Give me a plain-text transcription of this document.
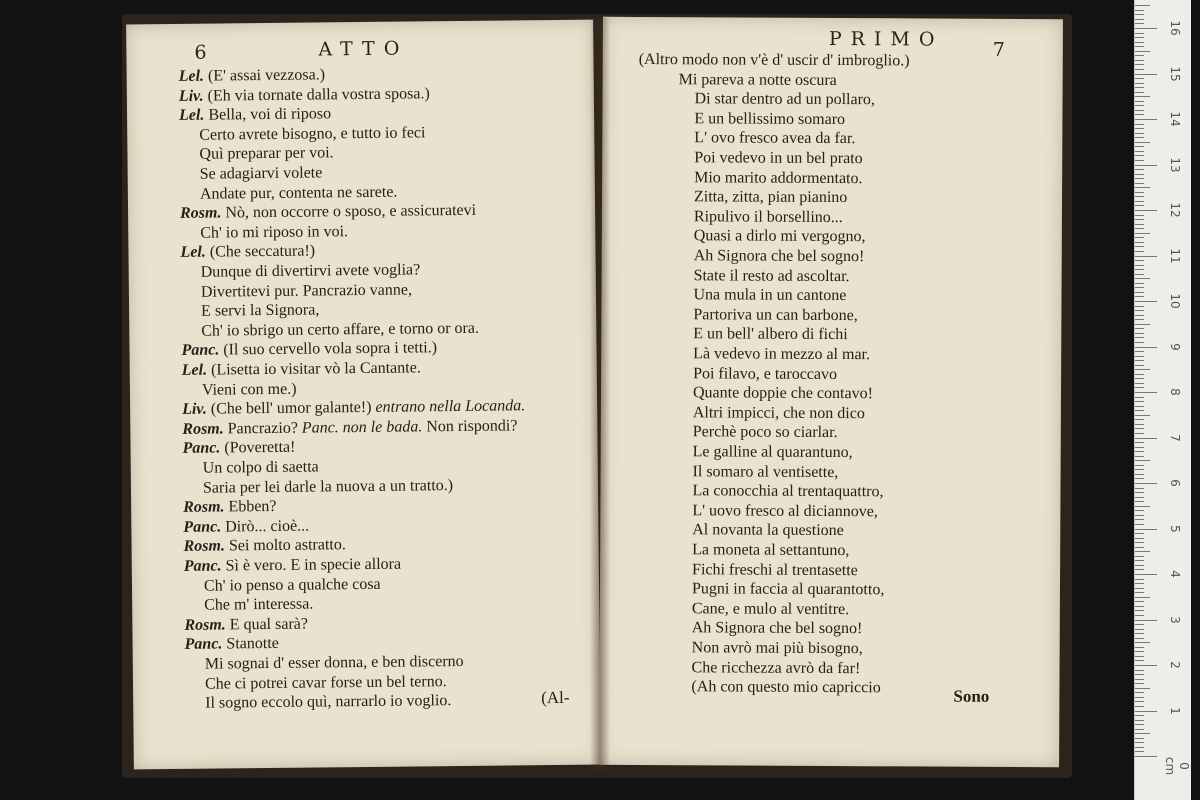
6	ATTO
Lel. (E' assai vezzosa.)
Liv. (Eh via tornate dalla vostra sposa.)
Lel. Bella, voi di riposo
Certo avrete bisogno, e tutto io feci
Quì preparar per voi.
Se adagiarvi volete
Andate pur, contenta ne sarete.
Rosm. Nò, non occorre o sposo, e assicuratevi
Ch' io mi riposo in voi.
Lel. (Che seccatura!)
Dunque di divertirvi avete voglia?
Divertitevi pur. Pancrazio vanne,
E servi la Signora,
Ch' io sbrigo un certo affare, e torno or ora.
Panc. (Il suo cervello vola sopra i tetti.)
Lel. (Lisetta io visitar vò la Cantante.
Vieni con me.)
Liv. (Che bell' umor galante!) entrano nella Locanda.
Rosm. Pancrazio? Panc. non le bada. Non rispondi?
Panc. (Poveretta!
Un colpo di saetta
Saria per lei darle la nuova a un tratto.)
Rosm. Ebben?
Panc. Dirò... cioè...
Rosm. Sei molto astratto.
Panc. Sì è vero. E in specie allora
Ch' io penso a qualche cosa
Che m' interessa.
Rosm. E qual sarà?
Panc. Stanotte
Mi sognai d' esser donna, e ben discerno
Che ci potrei cavar forse un bel terno.
Il sogno eccolo quì, narrarlo io voglio.	(Al-
PRIMO	7
(Altro modo non v'è d' uscir d' imbroglio.)
Mi pareva a notte oscura
Di star dentro ad un pollaro,
E un bellissimo somaro
L' ovo fresco avea da far.
Poi vedevo in un bel prato
Mio marito addormentato.
Zitta, zitta, pian pianino
Ripulivo il borsellino...
Quasi a dirlo mi vergogno,
Ah Signora che bel sogno!
State il resto ad ascoltar.
Una mula in un cantone
Partoriva un can barbone,
E un bell' albero di fichi
Là vedevo in mezzo al mar.
Poi filavo, e taroccavo
Quante doppie che contavo!
Altri impicci, che non dico
Perchè poco so ciarlar.
Le galline al quarantuno,
Il somaro al ventisette,
La conocchia al trentaquattro,
L' uovo fresco al diciannove,
Al novanta la questione
La moneta al settantuno,
Fichi freschi al trentasette
Pugni in faccia al quarantotto,
Cane, e mulo al ventitre.
Ah Signora che bel sogno!
Non avrò mai più bisogno,
Che ricchezza avrò da far!
(Ah con questo mio capriccio	Sono
1
2
3
4
5
6
7
8
9
10
11
12
13
14
15
16
0 cm
